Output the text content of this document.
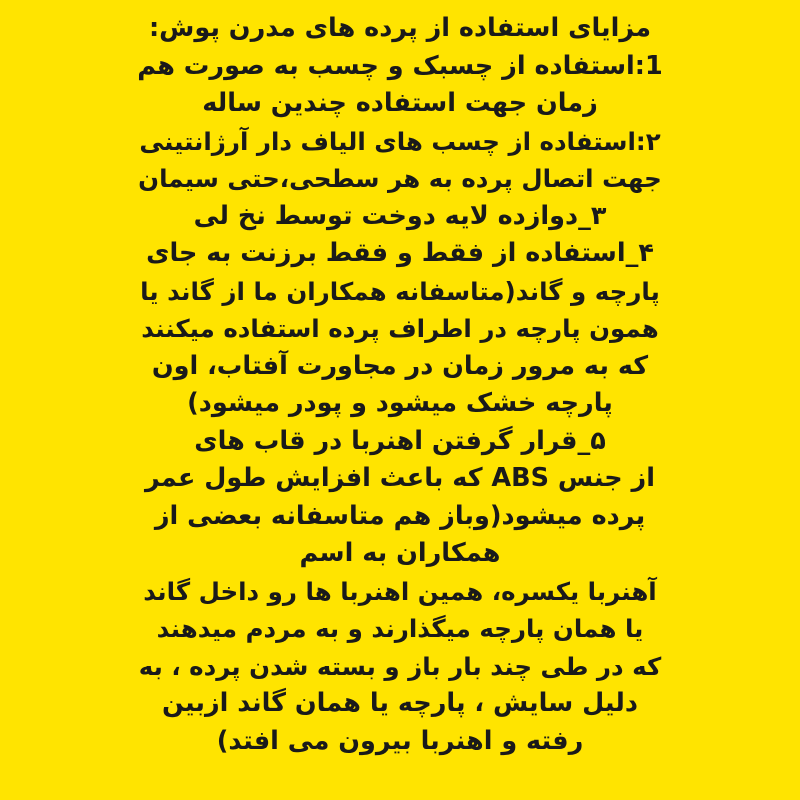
مزایای استفاده از پرده های مدرن پوش:
1:استفاده از چسبک و چسب به صورت هم
زمان جهت استفاده چندین ساله
٢:استفاده از چسب های الیاف دار آرژانتینی
جهت اتصال پرده به هر سطحی،حتی سیمان
٣_دوازده لایه دوخت توسط نخ لی
۴_استفاده از فقط و فقط برزنت به جای
پارچه و گاند(متاسفانه همکاران ما از گاند یا
همون پارچه در اطراف پرده استفاده میکنند
که به مرور زمان در مجاورت آفتاب، اون
پارچه خشک میشود و پودر میشود)
۵_قرار گرفتن اهنربا در قاب های
از جنس ABS که باعث افزایش طول عمر
پرده میشود(وباز هم متاسفانه بعضی از
همکاران به اسم
آهنربا یکسره، همین اهنربا ها رو داخل گاند
یا همان پارچه میگذارند و به مردم میدهند
که در طی چند بار باز و بسته شدن پرده ، به
دلیل سایش ، پارچه یا همان گاند ازبین
رفته و اهنربا بیرون می افتد)
